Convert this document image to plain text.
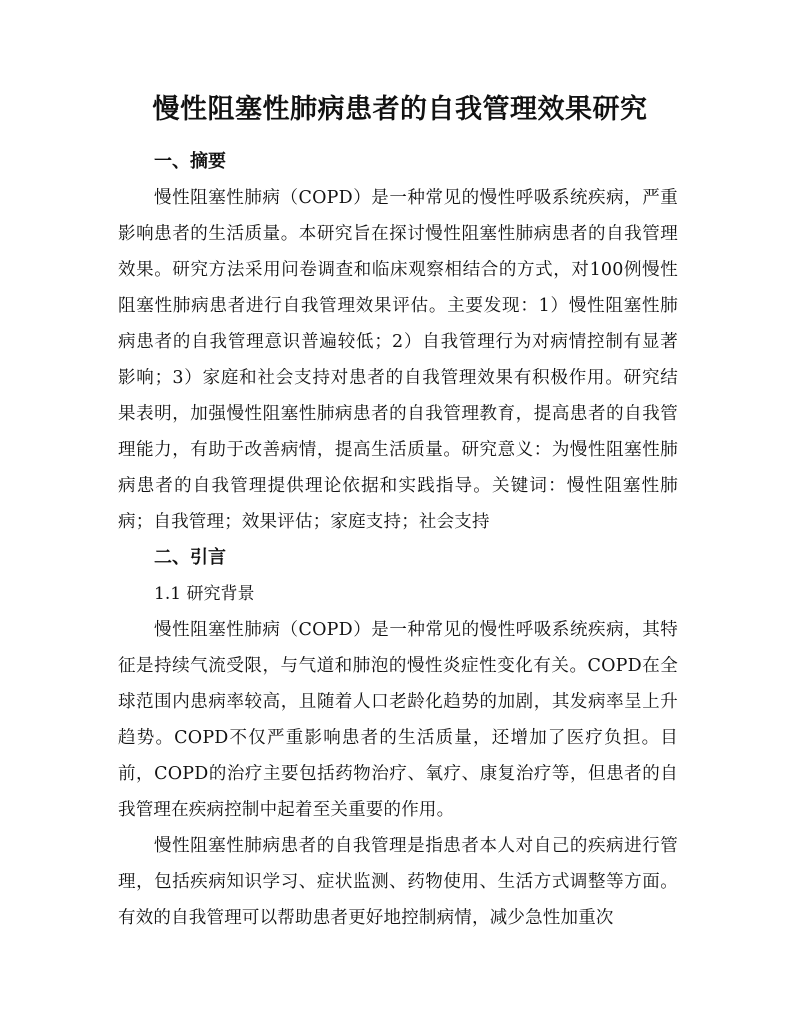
慢性阻塞性肺病患者的自我管理效果研究
一、摘要

慢性阻塞性肺病（COPD）是一种常见的慢性呼吸系统疾病，严重影响患者的生活质量。本研究旨在探讨慢性阻塞性肺病患者的自我管理效果。研究方法采用问卷调查和临床观察相结合的方式，对100例慢性阻塞性肺病患者进行自我管理效果评估。主要发现：1）慢性阻塞性肺病患者的自我管理意识普遍较低；2）自我管理行为对病情控制有显著影响；3）家庭和社会支持对患者的自我管理效果有积极作用。研究结果表明，加强慢性阻塞性肺病患者的自我管理教育，提高患者的自我管理能力，有助于改善病情，提高生活质量。研究意义：为慢性阻塞性肺病患者的自我管理提供理论依据和实践指导。关键词：慢性阻塞性肺病；自我管理；效果评估；家庭支持；社会支持

二、引言
1.1 研究背景

慢性阻塞性肺病（COPD）是一种常见的慢性呼吸系统疾病，其特征是持续气流受限，与气道和肺泡的慢性炎症性变化有关。COPD在全球范围内患病率较高，且随着人口老龄化趋势的加剧，其发病率呈上升趋势。COPD不仅严重影响患者的生活质量，还增加了医疗负担。目前，COPD的治疗主要包括药物治疗、氧疗、康复治疗等，但患者的自我管理在疾病控制中起着至关重要的作用。

慢性阻塞性肺病患者的自我管理是指患者本人对自己的疾病进行管理，包括疾病知识学习、症状监测、药物使用、生活方式调整等方面。有效的自我管理可以帮助患者更好地控制病情，减少急性加重次
